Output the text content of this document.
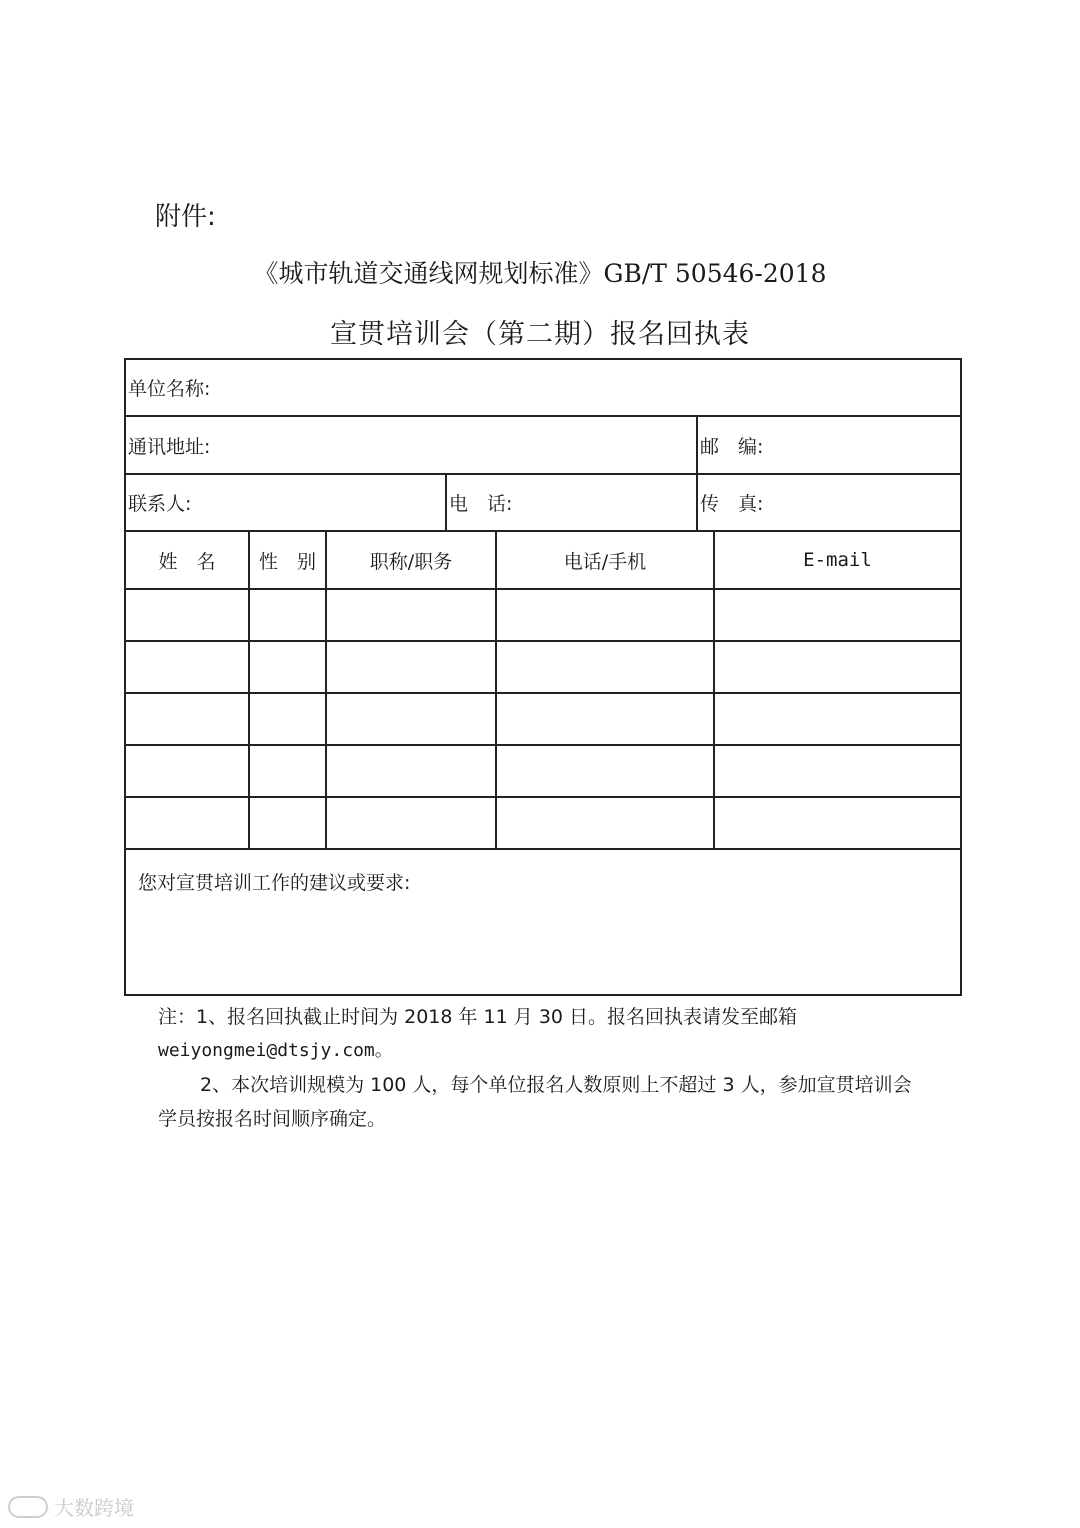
附件:
《城市轨道交通线网规划标准》GB/T 50546-2018
宣贯培训会（第二期）报名回执表
单位名称:
通讯地址:	邮　编:
联系人:	电　话:	传　真:
姓　名	性　别	职称/职务	电话/手机	E-mail
您对宣贯培训工作的建议或要求:
注：1、报名回执截止时间为 2018 年 11 月 30 日。报名回执表请发至邮箱
weiyongmei@dtsjy.com。
2、本次培训规模为 100 人，每个单位报名人数原则上不超过 3 人，参加宣贯培训会学员按报名时间顺序确定。
大数跨境
